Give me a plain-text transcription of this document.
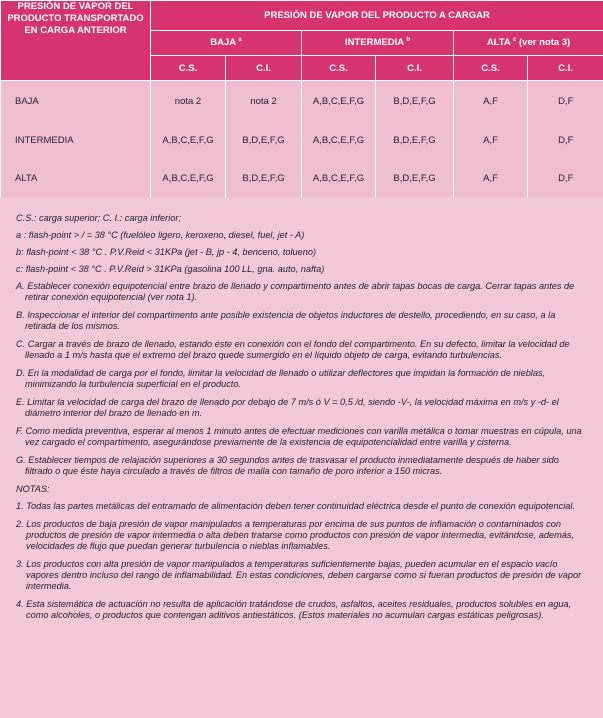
PRESIÓN DE VAPOR DEL PRODUCTO TRANSPORTADO EN CARGA ANTERIOR	PRESIÓN DE VAPOR DEL PRODUCTO A CARGAR					
	BAJA $^a$		INTERMEDIA $^b$		ALTA $^c$ (ver nota 3)	
	C.S.	C.I.	C.S.	C.I.	C.S.	C.I.
BAJA	nota 2	nota 2	A,B,C,E,F,G	B,D,E,F,G	A,F	D,F
INTERMEDIA	A,B,C,E,F,G	B,D,E,F,G	A,B,C,E,F,G	B,D,E,F,G	A,F	D,F
ALTA	A,B,C,E,F,G	B,D,E,F,G	A,B,C,E,F,G	B,D,E,F,G	A,F	D,F

C.S.: carga superior; C. I.: carga inferior;

a : flash-point > / = 38 °C (fuelóleo ligero, keroxeno, diesel, fuel, jet - A)

b: flash-point < 38 °C . P.V.Reid < 31KPa (jet - B, jp - 4, benceno, tolueno)

c: flash-point < 38 °C . P.V.Reid > 31KPa (gasolina 100 LL, gna. auto, nafta)

A. Establecer conexión equipotencial entre brazo de llenado y compartimento antes de abrir tapas bocas de carga. Cerrar tapas antes de retirar conexión equipotencial (ver nota 1).

B. Inspeccionar el interior del compartimento ante posible existencia de objetos inductores de destello, procediendo, en su caso, a la retirada de los mismos.

C. Cargar a través de brazo de llenado, estando éste en conexión con el fondo del compartimento. En su defecto, limitar la velocidad de llenado a 1 m/s hasta que el extremo del brazo quede sumergido en el líquido objeto de carga, evitando turbulencias.

D. En la modalidad de carga por el fondo, limitar la velocidad de llenado o utilizar deflectores que impidan la formación de nieblas, minimizando la turbulencia superficial en el producto.

E. Limitar la velocidad de carga del brazo de llenado por debajo de 7 m/s ó V = 0,5 /d, siendo -V-, la velocidad máxima en m/s y -d- el diámetro interior del brazo de llenado en m.

F. Como medida preventiva, esperar al menos 1 minuto antes de efectuar mediciones con varilla metálica o tomar muestras en cúpula, una vez cargado el compartimento, asegurándose previamente de la existencia de equipotencialidad entre varilla y cisterna.

G. Establecer tiempos de relajación superiores a 30 segundos antes de trasvasar el producto inmediatamente después de haber sido filtrado o que éste haya circulado a través de filtros de malla con tamaño de poro inferior a 150 micras.

NOTAS:

1. Todas las partes metálicas del entramado de alimentación deben tener continuidad eléctrica desde el punto de conexión equipotencial.

2. Los productos de baja presión de vapor manipulados a temperaturas por encima de sus puntos de inflamación o contaminados con productos de presión de vapor intermedia o alta deben tratarse como productos con presión de vapor intermedia, evitándose, además, velocidades de flujo que puedan generar turbulencia o nieblas inflamables.

3. Los productos con alta presión de vapor manipulados a temperaturas suficientemente bajas, pueden acumular en el espacio vacío vapores dentro incluso del rango de inflamabilidad. En estas condiciones, deben cargarse como si fueran productos de presión de vapor intermedia.

4. Esta sistemática de actuación no resulta de aplicación tratándose de crudos, asfaltos, aceites residuales, productos solubles en agua, como alcoholes, o productos que contengan aditivos antiestáticos. (Estos materiales no acumulan cargas estáticas peligrosas).
